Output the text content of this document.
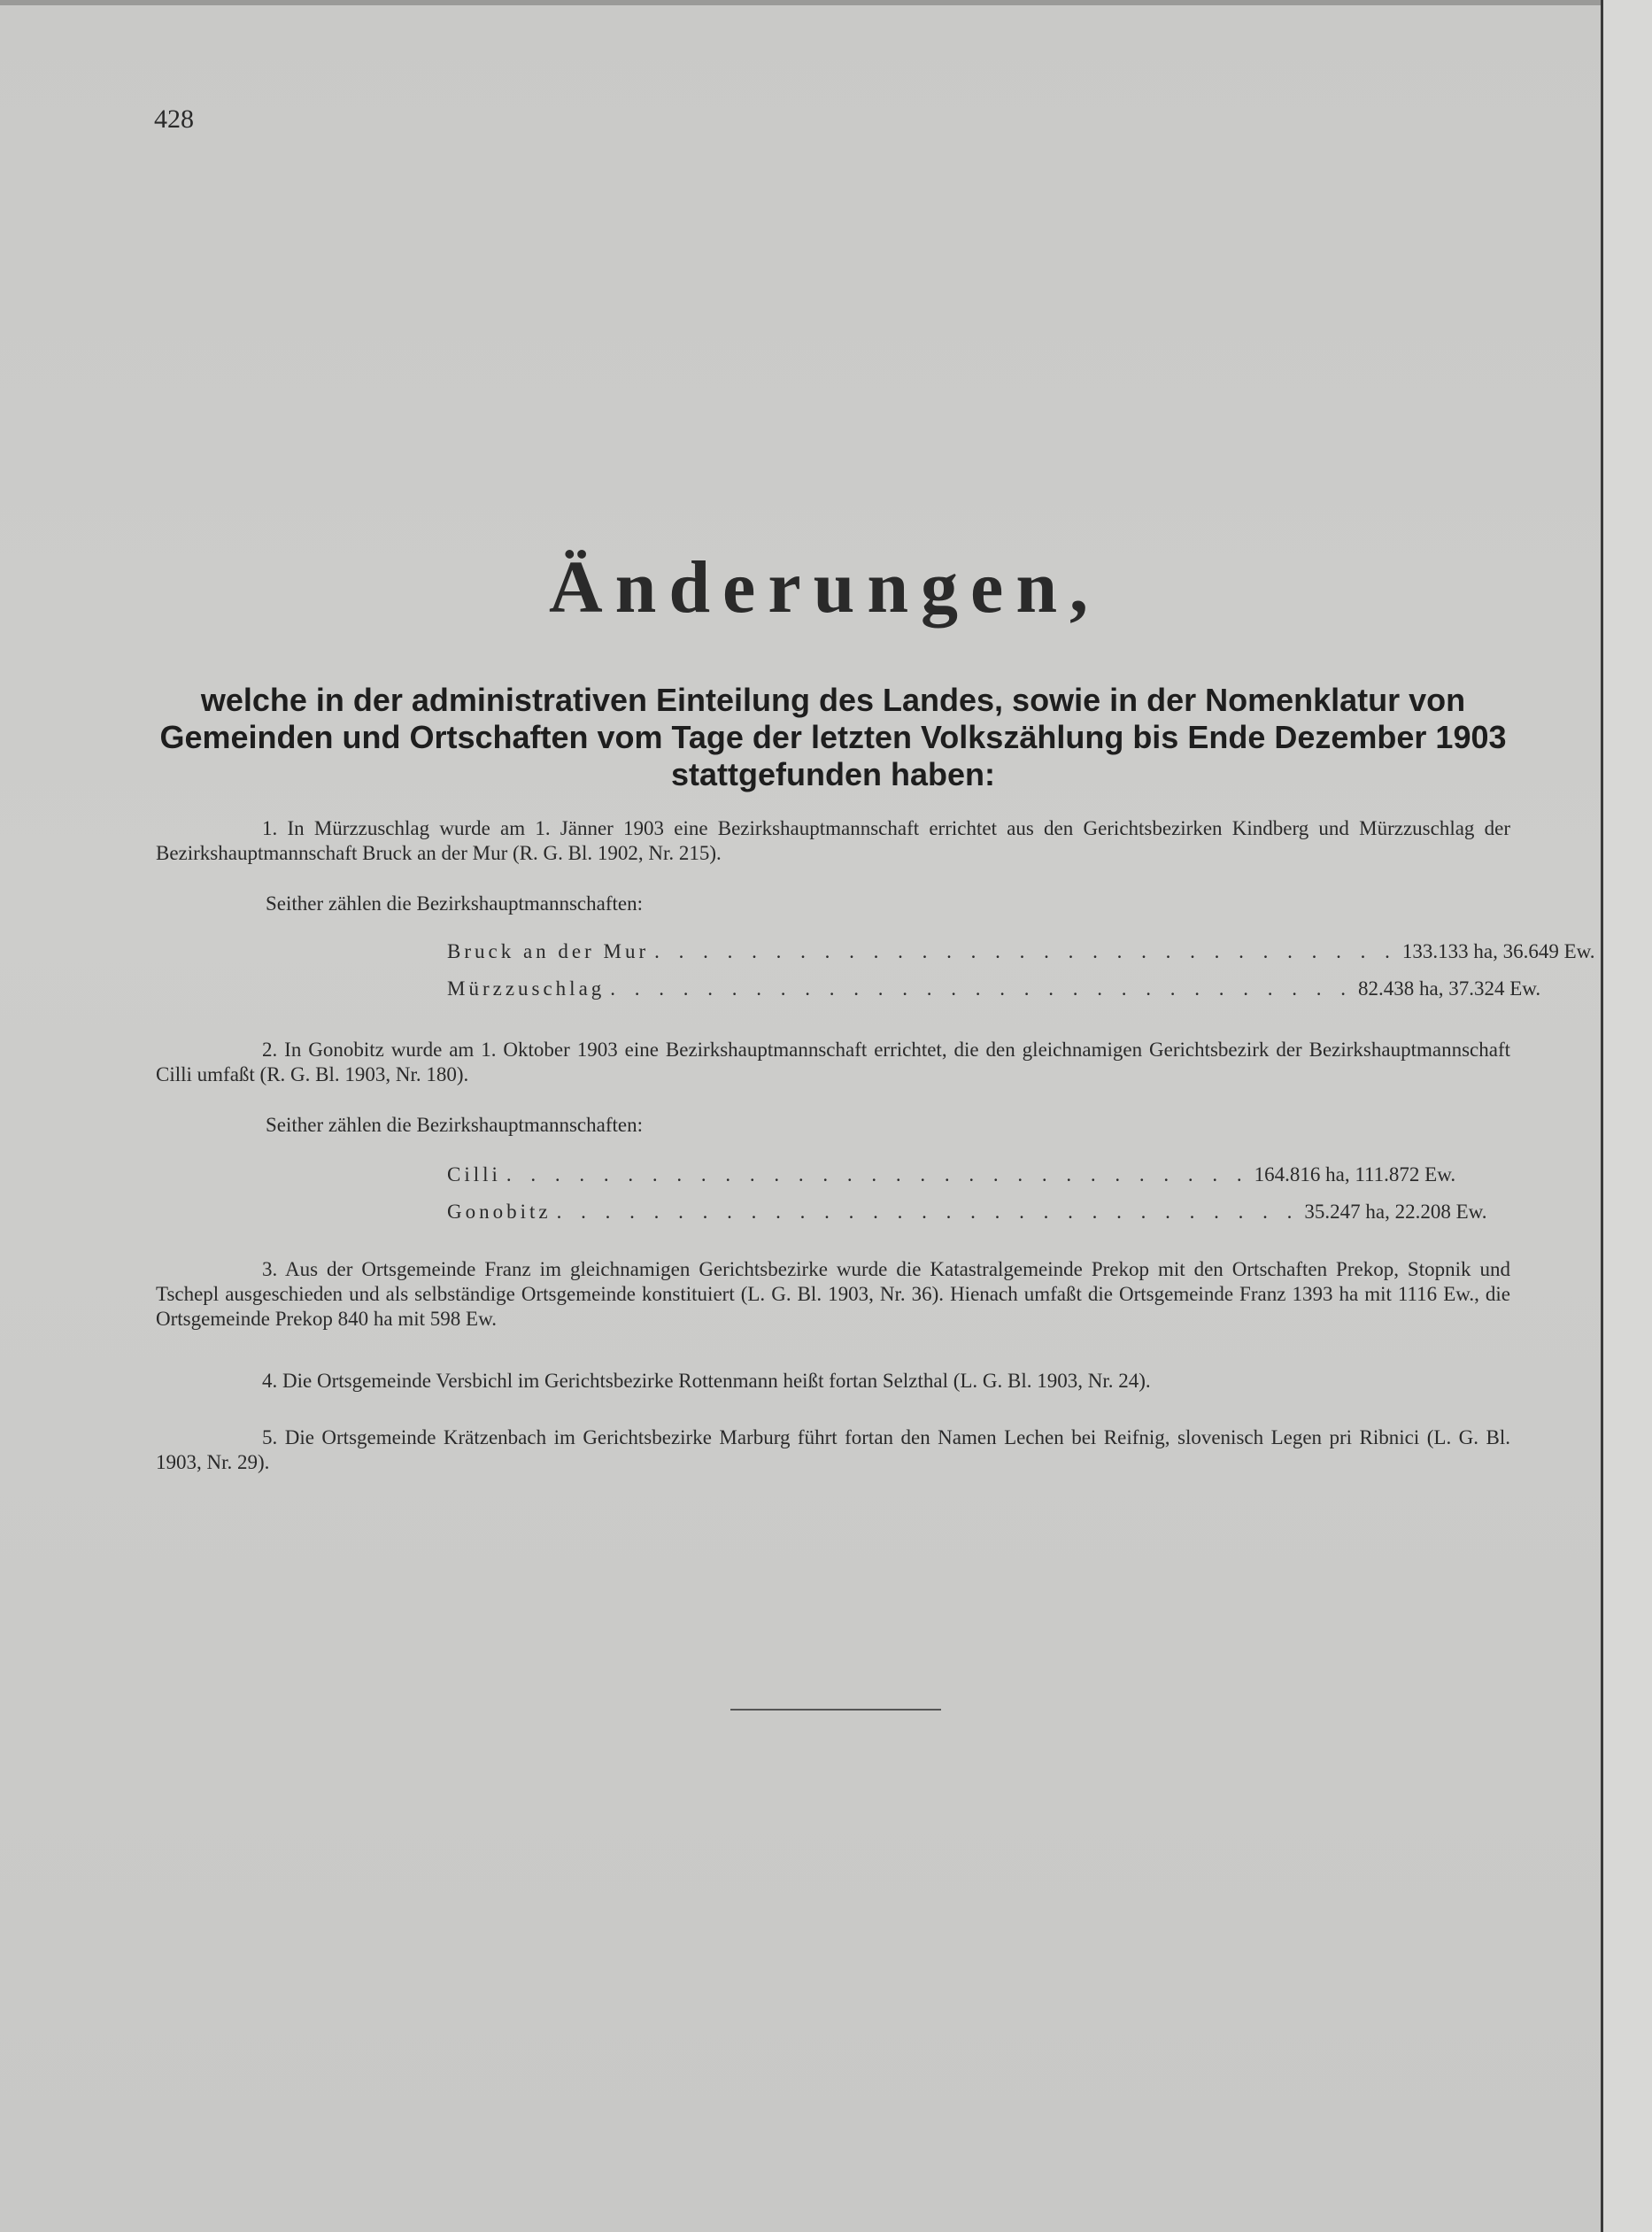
428
Änderungen,
welche in der administrativen Einteilung des Landes, sowie in der Nomenklatur von Gemeinden und Ortschaften vom Tage der letzten Volkszählung bis Ende Dezember 1903 stattgefunden haben:
1. In Mürzzuschlag wurde am 1. Jänner 1903 eine Bezirkshauptmannschaft errichtet aus den Gerichtsbezirken Kindberg und Mürzzuschlag der Bezirkshauptmannschaft Bruck an der Mur (R. G. Bl. 1902, Nr. 215).
Seither zählen die Bezirkshauptmannschaften:
Bruck an der Mur . . . . . . . . . . . . . . . . . . . . . . . . . . . . . . . 133.133 ha, 36.649 Ew.
Mürzzuschlag . . . . . . . . . . . . . . . . . . . . . . . . . . . . . . . 82.438 ha, 37.324 Ew.
2. In Gonobitz wurde am 1. Oktober 1903 eine Bezirkshauptmannschaft errichtet, die den gleichnamigen Gerichtsbezirk der Bezirkshauptmannschaft Cilli umfaßt (R. G. Bl. 1903, Nr. 180).
Seither zählen die Bezirkshauptmannschaften:
Cilli . . . . . . . . . . . . . . . . . . . . . . . . . . . . . . . 164.816 ha, 111.872 Ew.
Gonobitz . . . . . . . . . . . . . . . . . . . . . . . . . . . . . . . 35.247 ha, 22.208 Ew.
3. Aus der Ortsgemeinde Franz im gleichnamigen Gerichtsbezirke wurde die Katastralgemeinde Prekop mit den Ortschaften Prekop, Stopnik und Tschepl ausgeschieden und als selbständige Ortsgemeinde konstituiert (L. G. Bl. 1903, Nr. 36). Hienach umfaßt die Ortsgemeinde Franz 1393 ha mit 1116 Ew., die Ortsgemeinde Prekop 840 ha mit 598 Ew.
4. Die Ortsgemeinde Versbichl im Gerichtsbezirke Rottenmann heißt fortan Selzthal (L. G. Bl. 1903, Nr. 24).
5. Die Ortsgemeinde Krätzenbach im Gerichtsbezirke Marburg führt fortan den Namen Lechen bei Reifnig, slovenisch Legen pri Ribnici (L. G. Bl. 1903, Nr. 29).
